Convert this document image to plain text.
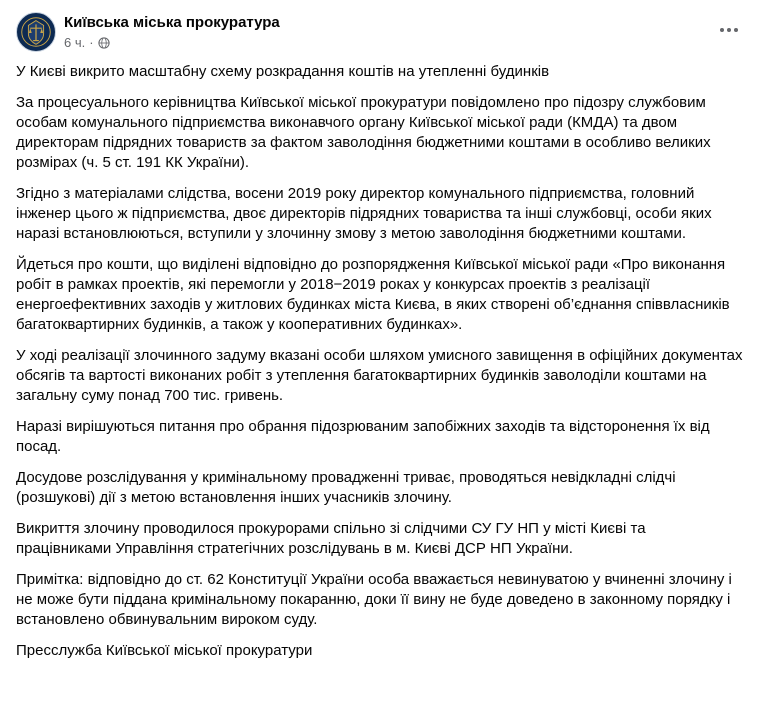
Київська міська прокуратура
6 ч. ·

У Києві викрито масштабну схему розкрадання коштів на утепленні будинків

За процесуального керівництва Київської міської прокуратури повідомлено про підозру службовим особам комунального підприємства виконавчого органу Київської міської ради (КМДА) та двом директорам підрядних товариств за фактом заволодіння бюджетними коштами в особливо великих розмірах (ч. 5 ст. 191 КК України).

Згідно з матеріалами слідства, восени 2019 року директор комунального підприємства, головний інженер цього ж підприємства, двоє директорів підрядних товариства та інші службовці, особи яких наразі встановлюються, вступили у злочинну змову з метою заволодіння бюджетними коштами.

Йдеться про кошти, що виділені відповідно до розпорядження Київської міської ради «Про виконання робіт в рамках проектів, які перемогли у 2018−2019 роках у конкурсах проектів з реалізації енергоефективних заходів у житлових будинках міста Києва, в яких створені об’єднання співвласників багатоквартирних будинків, а також у кооперативних будинках».

У ході реалізації злочинного задуму вказані особи шляхом умисного завищення в офіційних документах обсягів та вартості виконаних робіт з утеплення багатоквартирних будинків заволоділи коштами на загальну суму понад 700 тис. гривень.

Наразі вирішуються питання про обрання підозрюваним запобіжних заходів та відсторонення їх від посад.

Досудове розслідування у кримінальному провадженні триває, проводяться невідкладні слідчі (розшукові) дії з метою встановлення інших учасників злочину.

Викриття злочину проводилося прокурорами спільно зі слідчими СУ ГУ НП у місті Києві та працівниками Управління стратегічних розслідувань в м. Києві ДСР НП України.

Примітка: відповідно до ст. 62 Конституції України особа вважається невинуватою у вчиненні злочину і не може бути піддана кримінальному покаранню, доки її вину не буде доведено в законному порядку і встановлено обвинувальним вироком суду.

Пресслужба Київської міської прокуратури
